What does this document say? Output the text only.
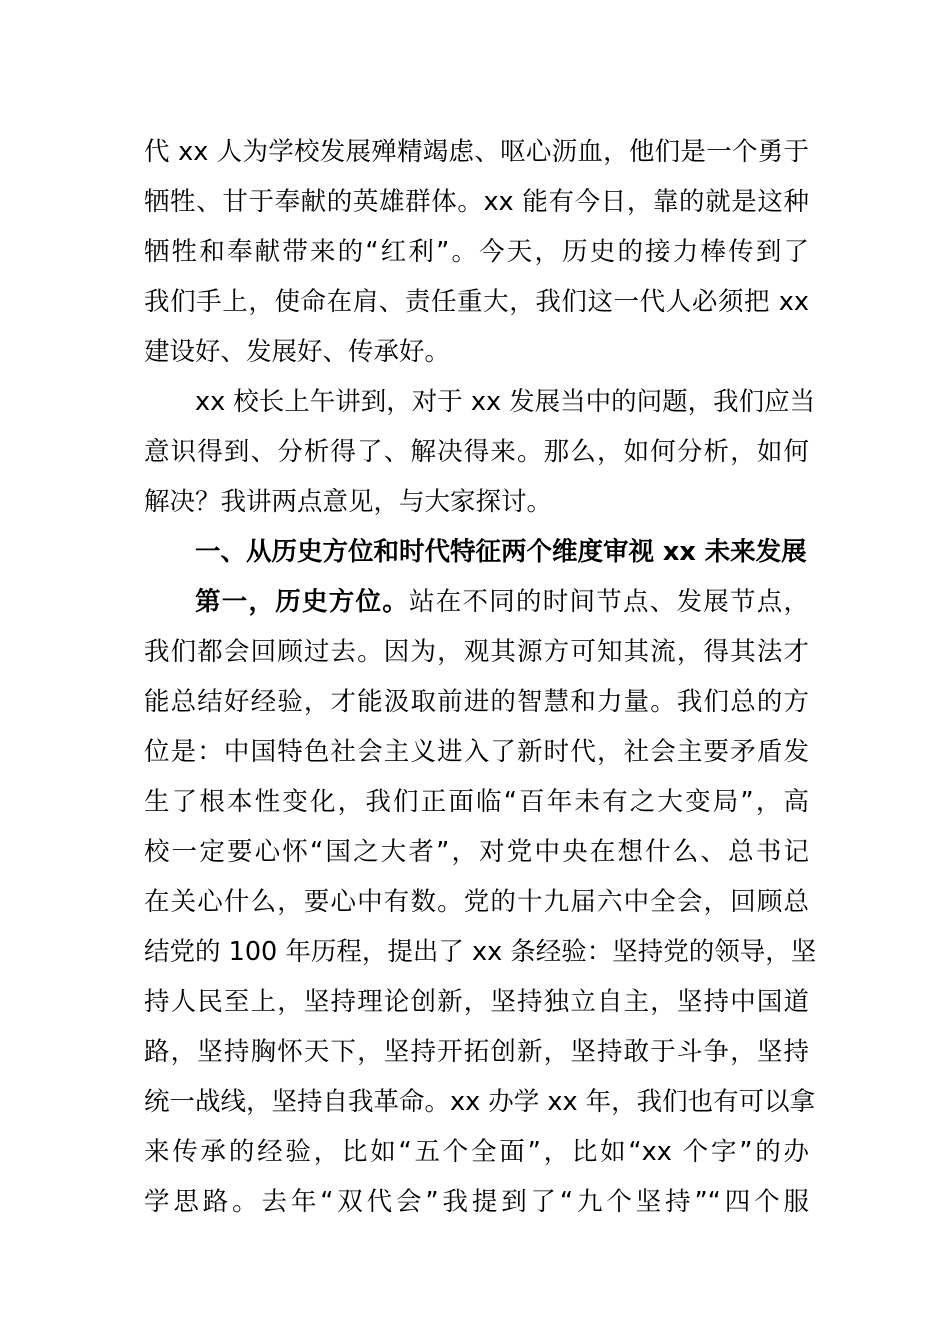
代 xx 人为学校发展殚精竭虑、呕心沥血，他们是一个勇于
牺牲、甘于奉献的英雄群体。xx 能有今日，靠的就是这种
牺牲和奉献带来的“红利”。今天，历史的接力棒传到了
我们手上，使命在肩、责任重大，我们这一代人必须把 xx
建设好、发展好、传承好。
xx 校长上午讲到，对于 xx 发展当中的问题，我们应当
意识得到、分析得了、解决得来。那么，如何分析，如何
解决？我讲两点意见，与大家探讨。
一、从历史方位和时代特征两个维度审视 xx 未来发展
第一，历史方位。站在不同的时间节点、发展节点，
我们都会回顾过去。因为，观其源方可知其流，得其法才
能总结好经验，才能汲取前进的智慧和力量。我们总的方
位是：中国特色社会主义进入了新时代，社会主要矛盾发
生了根本性变化，我们正面临“百年未有之大变局”，高
校一定要心怀“国之大者”，对党中央在想什么、总书记
在关心什么，要心中有数。党的十九届六中全会，回顾总
结党的 100 年历程，提出了 xx 条经验：坚持党的领导，坚
持人民至上，坚持理论创新，坚持独立自主，坚持中国道
路，坚持胸怀天下，坚持开拓创新，坚持敢于斗争，坚持
统一战线，坚持自我革命。xx 办学 xx 年，我们也有可以拿
来传承的经验，比如“五个全面”，比如“xx 个字”的办
学思路。去年“双代会”我提到了“九个坚持”“四个服
